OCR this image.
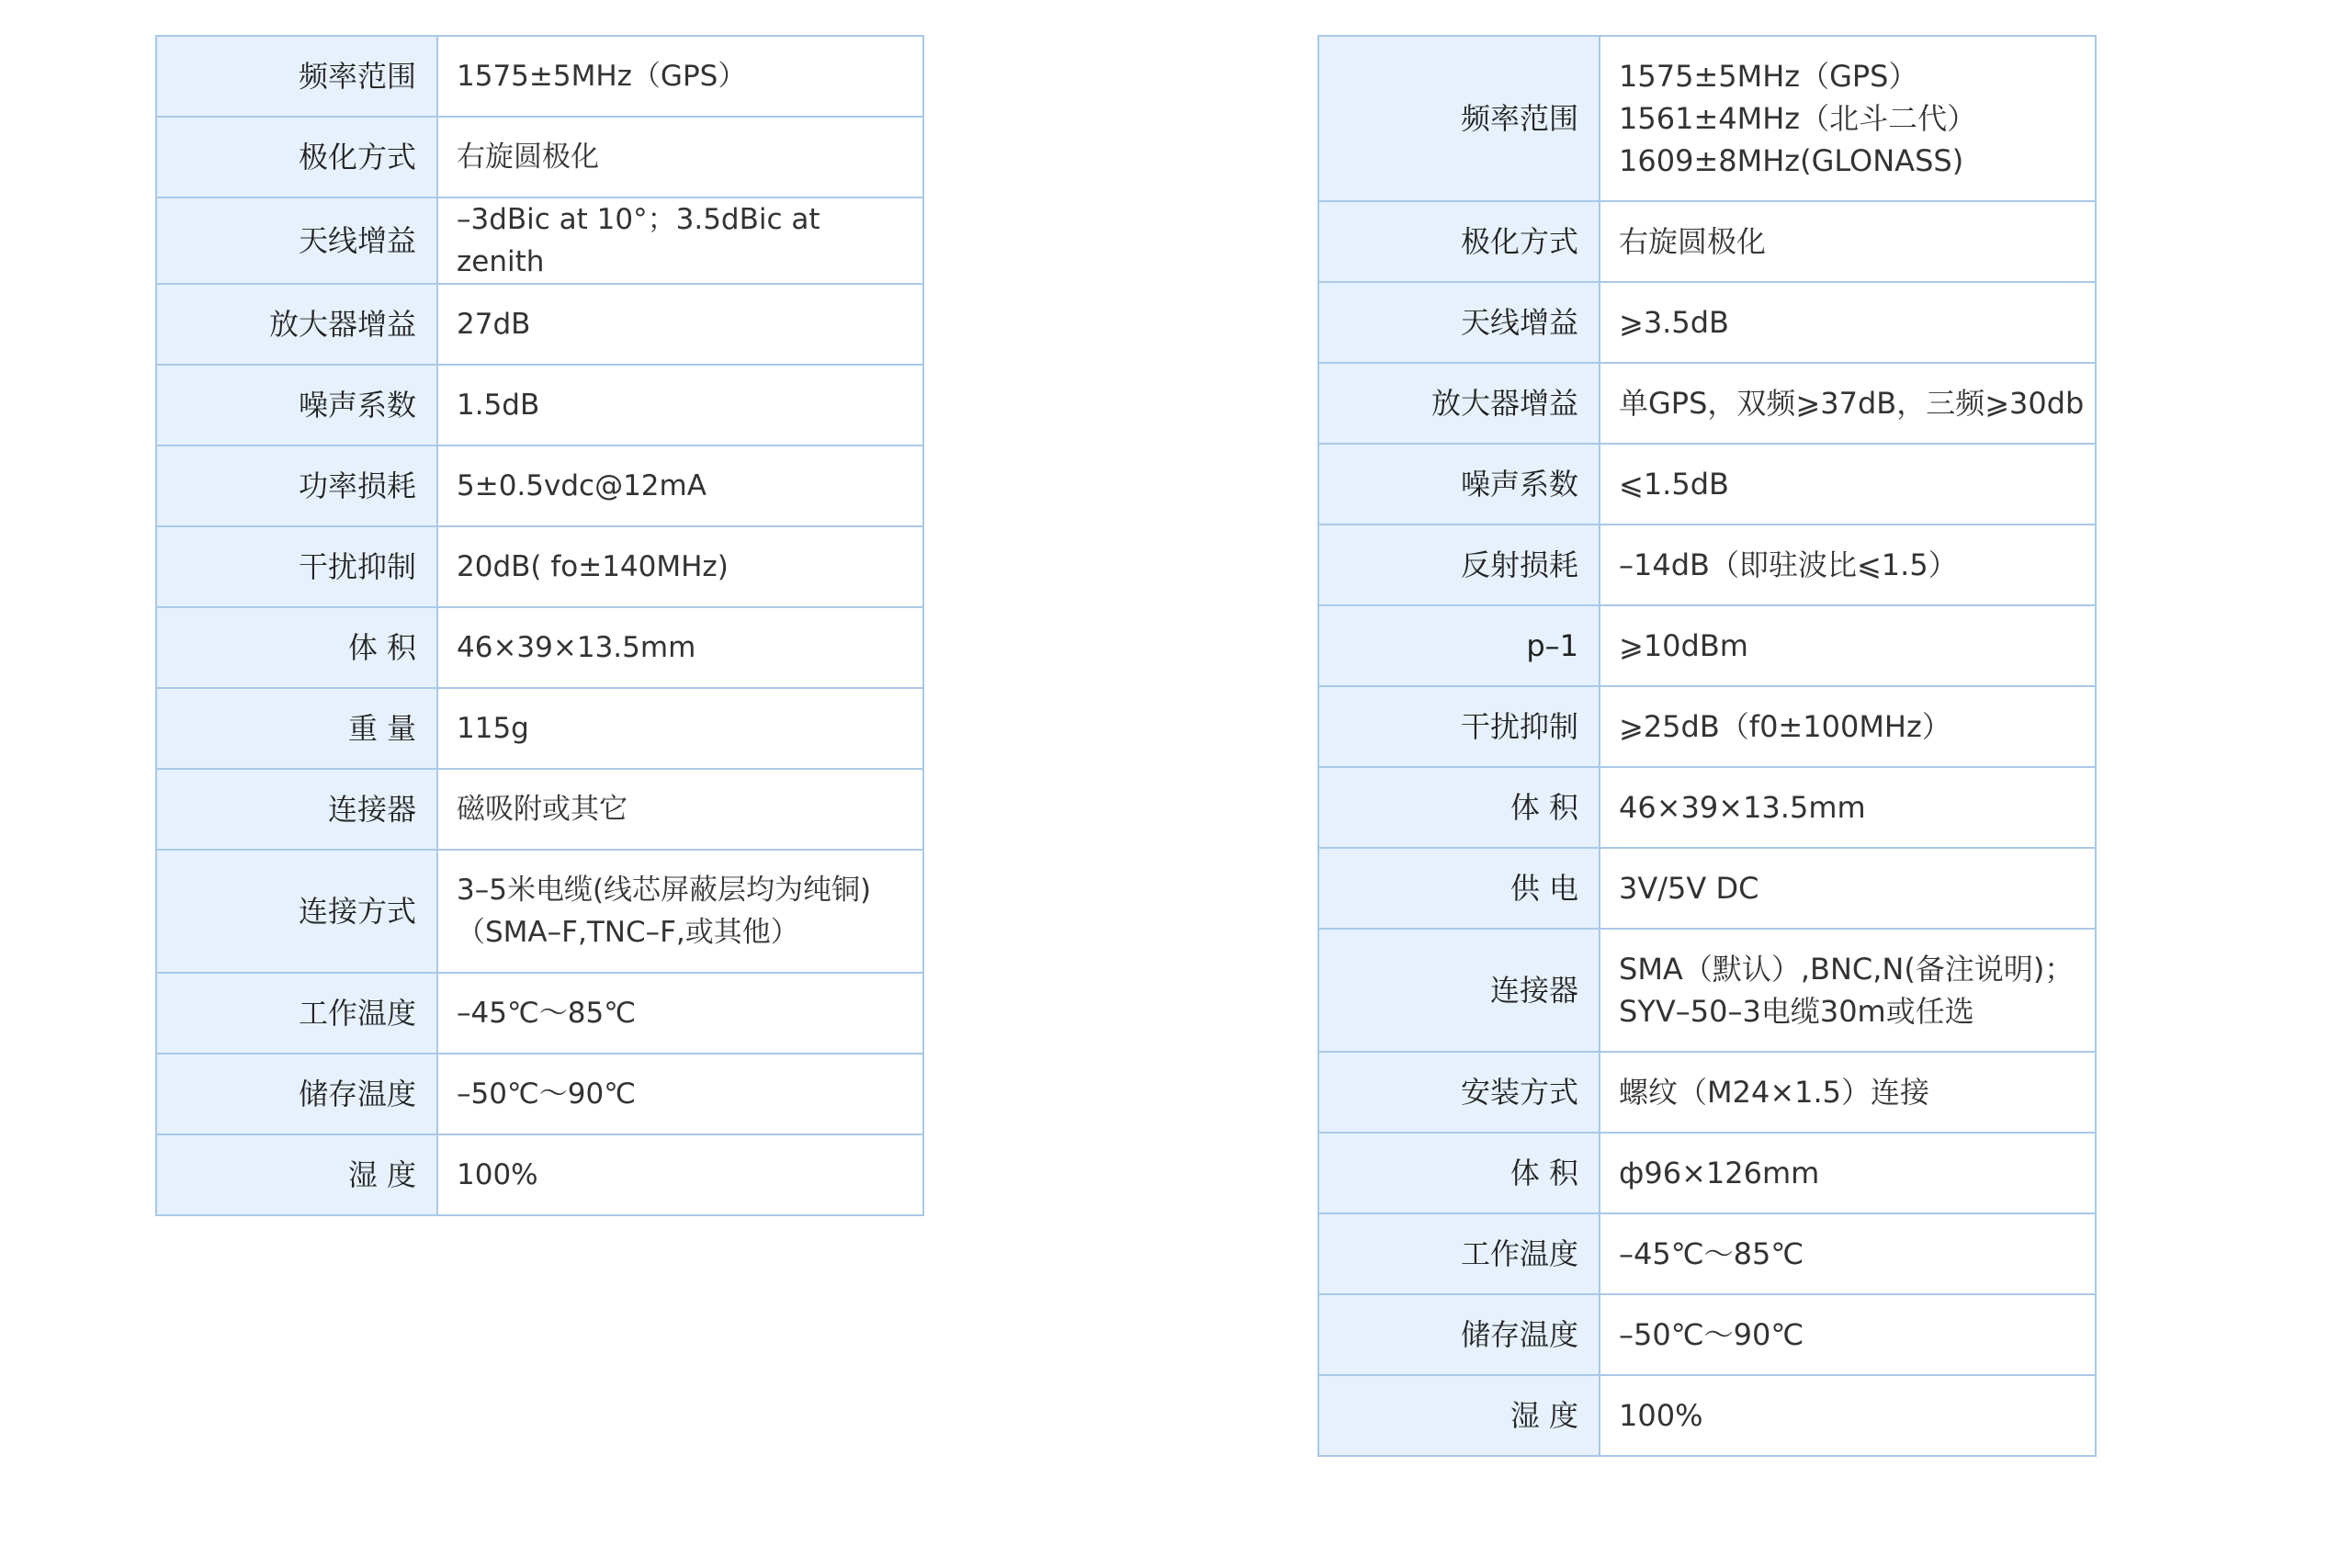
频率范围	1575±5MHz（GPS）
极化方式	右旋圆极化
天线增益	–3dBic at 10°；3.5dBic at zenith
放大器增益	27dB
噪声系数	1.5dB
功率损耗	5±0.5vdc@12mA
干扰抑制	20dB( fo±140MHz)
体 积	46×39×13.5mm
重 量	115g
连接器	磁吸附或其它
连接方式	3–5米电缆(线芯屏蔽层均为纯铜)
（SMA–F,TNC–F,或其他）
工作温度	–45℃～85℃
储存温度	–50℃～90℃
湿 度	100%
频率范围	1575±5MHz（GPS）
1561±4MHz（北斗二代）
1609±8MHz(GLONASS)
极化方式	右旋圆极化
天线增益	⩾3.5dB
放大器增益	单GPS，双频⩾37dB，三频⩾30db
噪声系数	⩽1.5dB
反射损耗	–14dB（即驻波比⩽1.5）
p–1	⩾10dBm
干扰抑制	⩾25dB（f0±100MHz）
体 积	46×39×13.5mm
供 电	3V/5V DC
连接器	SMA（默认）,BNC,N(备注说明)；
SYV–50–3电缆30m或任选
安装方式	螺纹（M24×1.5）连接
体 积	ф96×126mm
工作温度	–45℃～85℃
储存温度	–50℃～90℃
湿 度	100%
